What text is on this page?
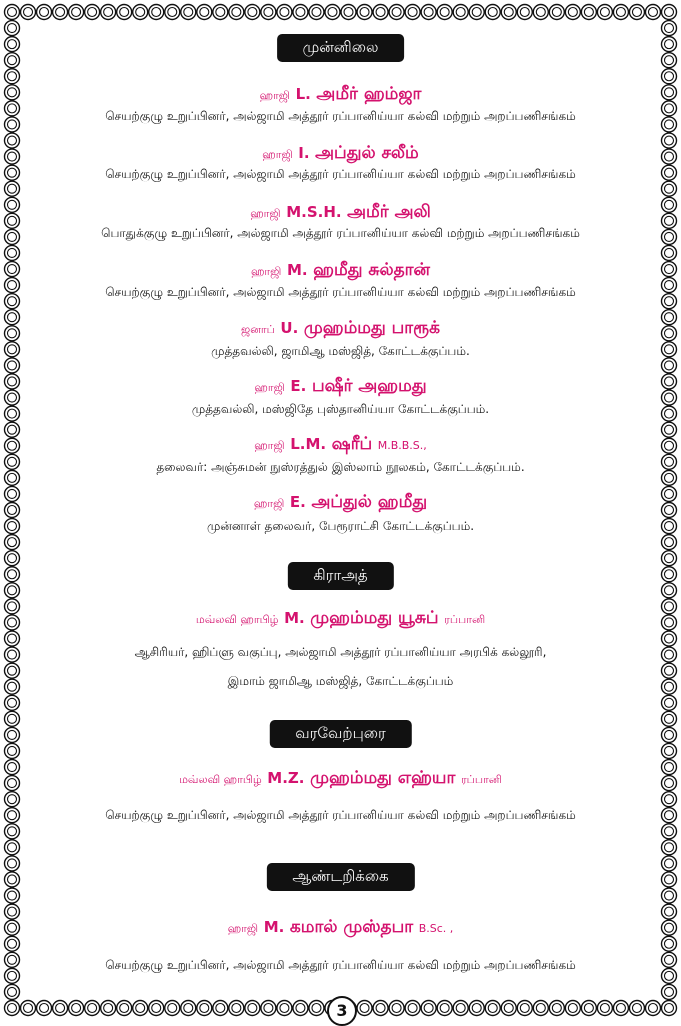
முன்னிலை
ஹாஜி L. அமீர் ஹம்ஜா
செயற்குழு உறுப்பினர், அல்ஜாமி அத்தூர் ரப்பானிய்யா கல்வி மற்றும் அறப்பணிசங்கம்
ஹாஜி I. அப்துல் சலீம்
செயற்குழு உறுப்பினர், அல்ஜாமி அத்தூர் ரப்பானிய்யா கல்வி மற்றும் அறப்பணிசங்கம்
ஹாஜி M.S.H. அமீர் அலி
பொதுக்குழு உறுப்பினர், அல்ஜாமி அத்தூர் ரப்பானிய்யா கல்வி மற்றும் அறப்பணிசங்கம்
ஹாஜி M. ஹமீது சுல்தான்
செயற்குழு உறுப்பினர், அல்ஜாமி அத்தூர் ரப்பானிய்யா கல்வி மற்றும் அறப்பணிசங்கம்
ஜனாப் U. முஹம்மது பாரூக்
முத்தவல்லி, ஜாமிஆ மஸ்ஜித், கோட்டக்குப்பம்.
ஹாஜி E. பஷீர் அஹமது
முத்தவல்லி, மஸ்ஜிதே புஸ்தானிய்யா கோட்டக்குப்பம்.
ஹாஜி L.M. ஷரீப் M.B.B.S.,
தலைவர்: அஞ்சுமன் நுஸ்ரத்துல் இஸ்லாம் நூலகம், கோட்டக்குப்பம்.
ஹாஜி E. அப்துல் ஹமீது
முன்னாள் தலைவர், பேரூராட்சி கோட்டக்குப்பம்.
கிராஅத்
மவ்லவி ஹாபிழ் M. முஹம்மது யூசுப் ரப்பானி
ஆசிரியர், ஹிப்ளு வகுப்பு, அல்ஜாமி அத்தூர் ரப்பானிய்யா அரபிக் கல்லூரி,
இமாம் ஜாமிஆ மஸ்ஜித், கோட்டக்குப்பம்
வரவேற்புரை
மவ்லவி ஹாபிழ் M.Z. முஹம்மது எஹ்யா ரப்பானி
செயற்குழு உறுப்பினர், அல்ஜாமி அத்தூர் ரப்பானிய்யா கல்வி மற்றும் அறப்பணிசங்கம்
ஆண்டறிக்கை
ஹாஜி M. கமால் முஸ்தபா B.Sc. ,
செயற்குழு உறுப்பினர், அல்ஜாமி அத்தூர் ரப்பானிய்யா கல்வி மற்றும் அறப்பணிசங்கம்
3
